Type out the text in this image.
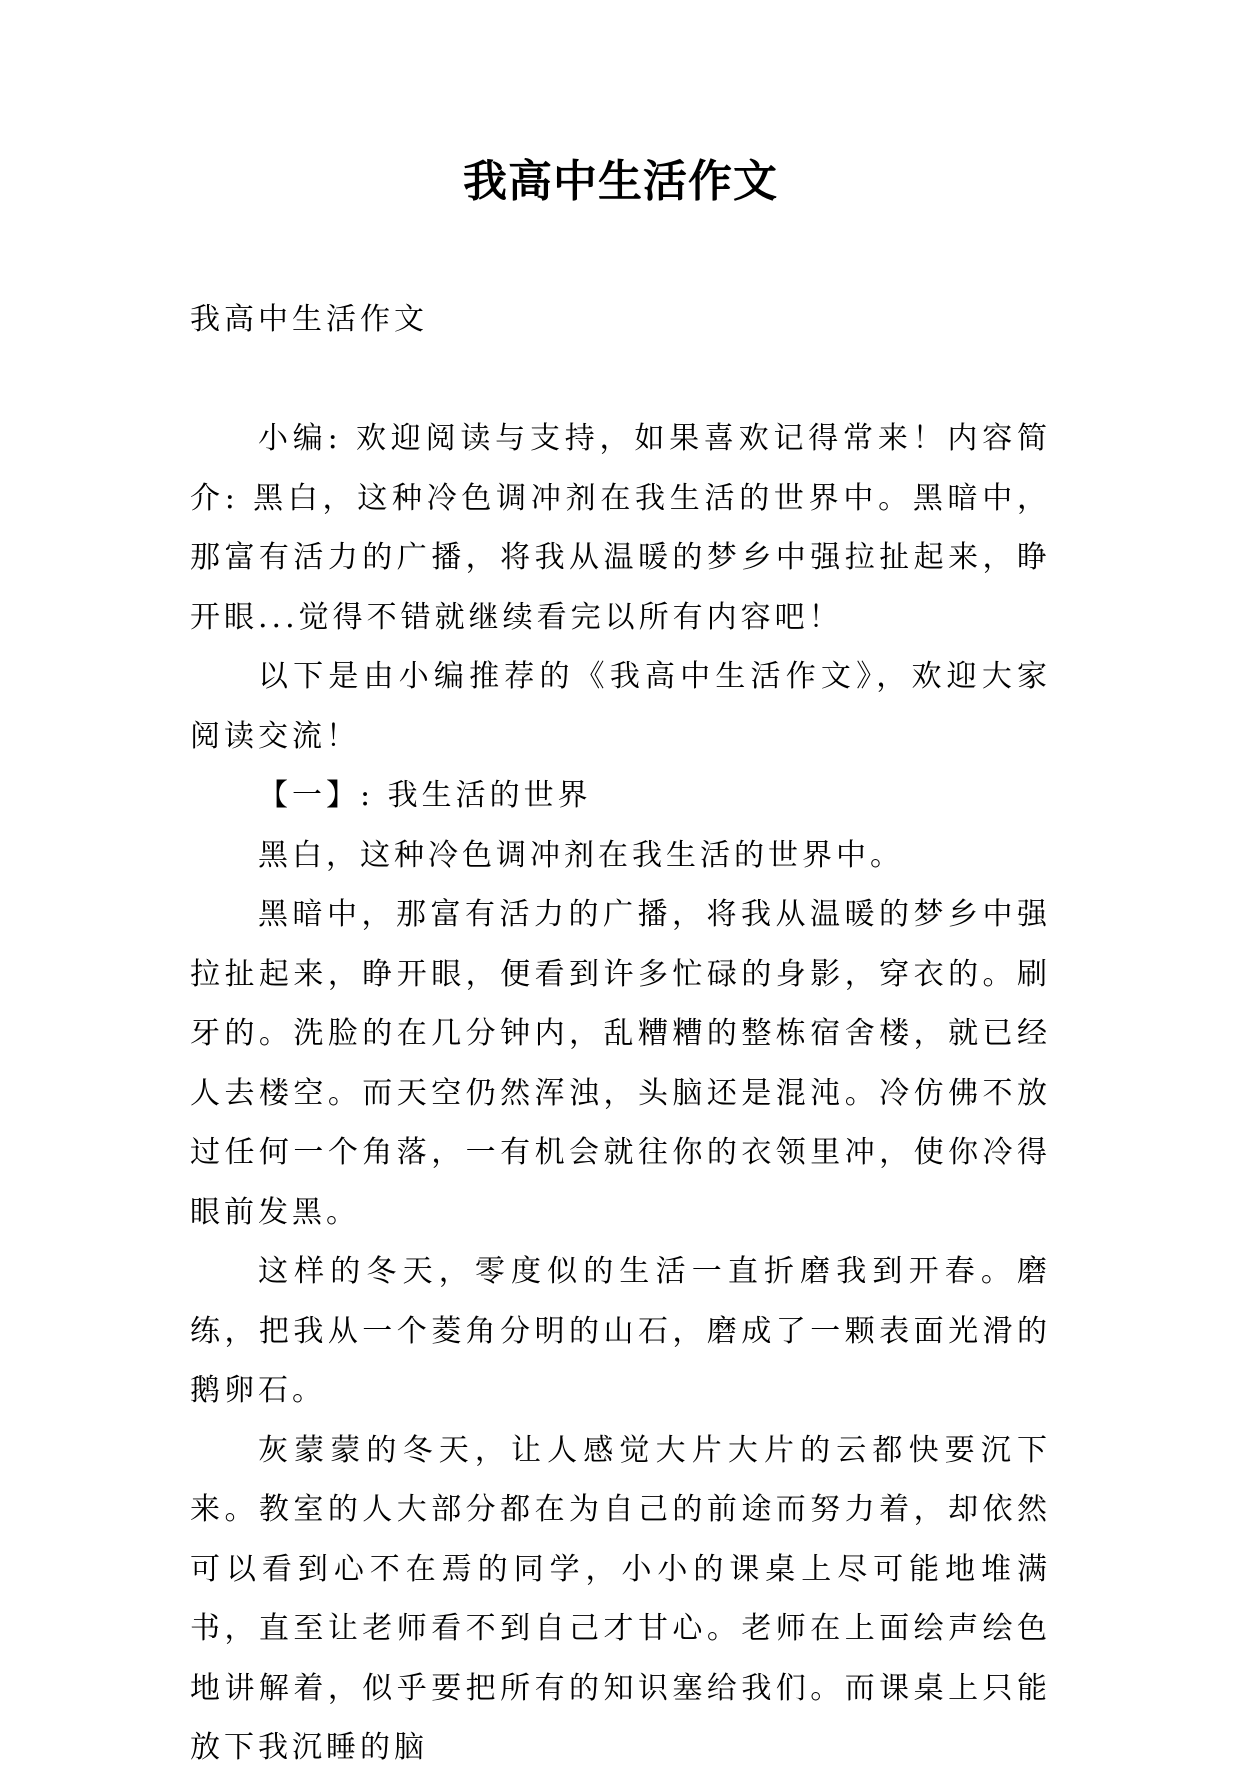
我高中生活作文

我高中生活作文

小编: 欢迎阅读与支持，如果喜欢记得常来！内容简介: 黑白，这种冷色调冲剂在我生活的世界中。黑暗中，那富有活力的广播，将我从温暖的梦乡中强拉扯起来，睁开眼...觉得不错就继续看完以所有内容吧！

以下是由小编推荐的《我高中生活作文》，欢迎大家阅读交流！

【一】: 我生活的世界

黑白，这种冷色调冲剂在我生活的世界中。

黑暗中，那富有活力的广播，将我从温暖的梦乡中强拉扯起来，睁开眼，便看到许多忙碌的身影，穿衣的。刷牙的。洗脸的在几分钟内，乱糟糟的整栋宿舍楼，就已经人去楼空。而天空仍然浑浊，头脑还是混沌。冷仿佛不放过任何一个角落，一有机会就往你的衣领里冲，使你冷得眼前发黑。

这样的冬天，零度似的生活一直折磨我到开春。磨练，把我从一个菱角分明的山石，磨成了一颗表面光滑的鹅卵石。

灰蒙蒙的冬天，让人感觉大片大片的云都快要沉下来。教室的人大部分都在为自己的前途而努力着，却依然可以看到心不在焉的同学，小小的课桌上尽可能地堆满书，直至让老师看不到自己才甘心。老师在上面绘声绘色地讲解着，似乎要把所有的知识塞给我们。而课桌上只能放下我沉睡的脑
